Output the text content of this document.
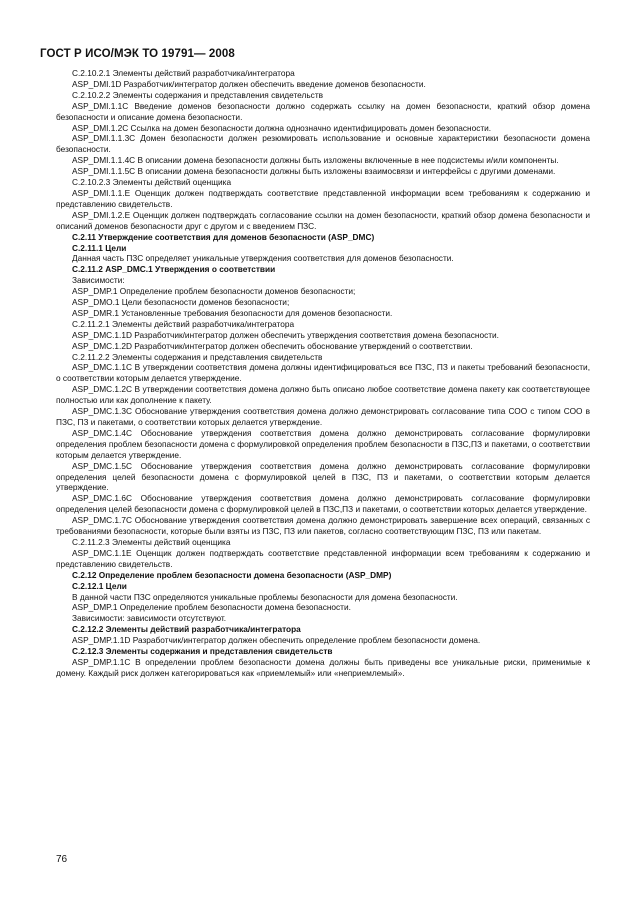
ГОСТ Р ИСО/МЭК ТО 19791— 2008

С.2.10.2.1 Элементы действий разработчика/интегратора

ASP_DMI.1D Разработчик/интегратор должен обеспечить введение доменов безопасности.

С.2.10.2.2 Элементы содержания и представления свидетельств

ASP_DMI.1.1C Введение доменов безопасности должно содержать ссылку на домен безопасности, краткий обзор домена безопасности и описание домена безопасности.

ASP_DMI.1.2С Ссылка на домен безопасности должна однозначно идентифицировать домен безопасности.

ASP_DMI.1.1.3С Домен безопасности должен резюмировать использование и основные характеристики безопасности домена безопасности.

ASP_DMI.1.1.4С В описании домена безопасности должны быть изложены включенные в нее подсистемы и/или компоненты.

ASP_DMI.1.1.5С В описании домена безопасности должны быть изложены взаимосвязи и интерфейсы с другими доменами.

С.2.10.2.3 Элементы действий оценщика

ASP_DMI.1.1.Е Оценщик должен подтверждать соответствие представленной информации всем требованиям к содержанию и представлению свидетельств.

ASP_DMI.1.2.Е Оценщик должен подтверждать согласование ссылки на домен безопасности, краткий обзор домена безопасности и описаний доменов безопасности друг с другом и с введением ПЗС.

С.2.11 Утверждение соответствия для доменов безопасности (ASP_DMC)

С.2.11.1 Цели

Данная часть ПЗС определяет уникальные утверждения соответствия для доменов безопасности.

С.2.11.2 ASP_DMC.1 Утверждения о соответствии

Зависимости:

ASP_DMP.1 Определение проблем безопасности доменов безопасности;

ASP_DMO.1 Цели безопасности доменов безопасности;

ASP_DMR.1 Установленные требования безопасности для доменов безопасности.

С.2.11.2.1 Элементы действий разработчика/интегратора

ASP_DMC.1.1D Разработчик/интегратор должен обеспечить утверждения соответствия домена безопасности.

ASP_DMC.1.2D Разработчик/интегратор должен обеспечить обоснование утверждений о соответствии.

С.2.11.2.2 Элементы содержания и представления свидетельств

ASP_DMC.1.1C В утверждении соответствия домена должны идентифицироваться все ПЗС, ПЗ и пакеты требований безопасности, о соответствии которым делается утверждение.

ASP_DMC.1.2С В утверждении соответствия домена должно быть описано любое соответствие домена пакету как соответствующее полностью или как дополнение к пакету.

ASP_DMC.1.3С Обоснование утверждения соответствия домена должно демонстрировать согласование типа СОО с типом СОО в ПЗС, ПЗ и пакетами, о соответствии которых делается утверждение.

ASP_DMC.1.4С Обоснование утверждения соответствия домена должно демонстрировать согласование формулировки определения проблем безопасности домена с формулировкой определения проблем безопасности в ПЗС,ПЗ и пакетами, о соответствии которым делается утверждение.

ASP_DMC.1.5С Обоснование утверждения соответствия домена должно демонстрировать согласование формулировки определения целей безопасности домена с формулировкой целей в ПЗС, ПЗ и пакетами, о соответствии которым делается утверждение.

ASP_DMC.1.6С Обоснование утверждения соответствия домена должно демонстрировать согласование формулировки определения целей безопасности домена с формулировкой целей в ПЗС,ПЗ и пакетами, о соответствии которых делается утверждение.

ASP_DMC.1.7С Обоснование утверждения соответствия домена должно демонстрировать завершение всех операций, связанных с требованиями безопасности, которые были взяты из ПЗС, ПЗ или пакетов, согласно соответствующим ПЗС, ПЗ или пакетам.

С.2.11.2.3 Элементы действий оценщика

ASP_DMC.1.1Е Оценщик должен подтверждать соответствие представленной информации всем требованиям к содержанию и представлению свидетельств.

С.2.12 Определение проблем безопасности домена безопасности (ASP_DMP)

С.2.12.1 Цели

В данной части ПЗС определяются уникальные проблемы безопасности для домена безопасности.

ASP_DMP.1 Определение проблем безопасности домена безопасности.

Зависимости: зависимости отсутствуют.

С.2.12.2 Элементы действий разработчика/интегратора

ASP_DMP.1.1D Разработчик/интегратор должен обеспечить определение проблем безопасности домена.

С.2.12.3 Элементы содержания и представления свидетельств

ASP_DMP.1.1C В определении проблем безопасности домена должны быть приведены все уникальные риски, применимые к домену. Каждый риск должен категорироваться как «приемлемый» или «неприемлемый».

76
